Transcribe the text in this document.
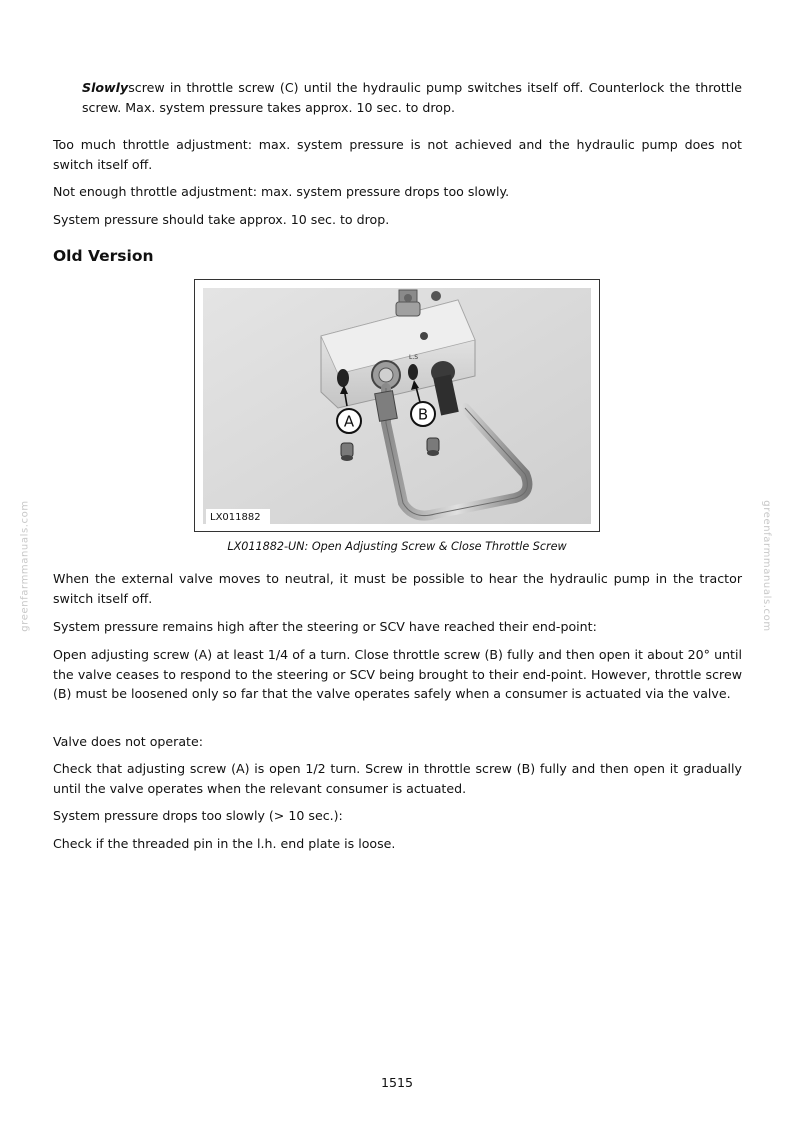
Slowlyscrew in throttle screw (C) until the hydraulic pump switches itself off. Counterlock the throttle screw. Max. system pressure takes approx. 10 sec. to drop.

Too much throttle adjustment: max. system pressure is not achieved and the hydraulic pump does not switch itself off.

Not enough throttle adjustment: max. system pressure drops too slowly.

System pressure should take approx. 10 sec. to drop.

Old Version
L.S
A	B
LX011882
LX011882-UN: Open Adjusting Screw & Close Throttle Screw
greenfarmmanuals.com	greenfarmmanuals.com

When the external valve moves to neutral, it must be possible to hear the hydraulic pump in the tractor switch itself off.

System pressure remains high after the steering or SCV have reached their end-point:

Open adjusting screw (A) at least 1/4 of a turn. Close throttle screw (B) fully and then open it about 20° until the valve ceases to respond to the steering or SCV being brought to their end-point. However, throttle screw (B) must be loosened only so far that the valve operates safely when a consumer is actuated via the valve.

Valve does not operate:

Check that adjusting screw (A) is open 1/2 turn. Screw in throttle screw (B) fully and then open it gradually until the valve operates when the relevant consumer is actuated.

System pressure drops too slowly (> 10 sec.):

Check if the threaded pin in the l.h. end plate is loose.

1515
